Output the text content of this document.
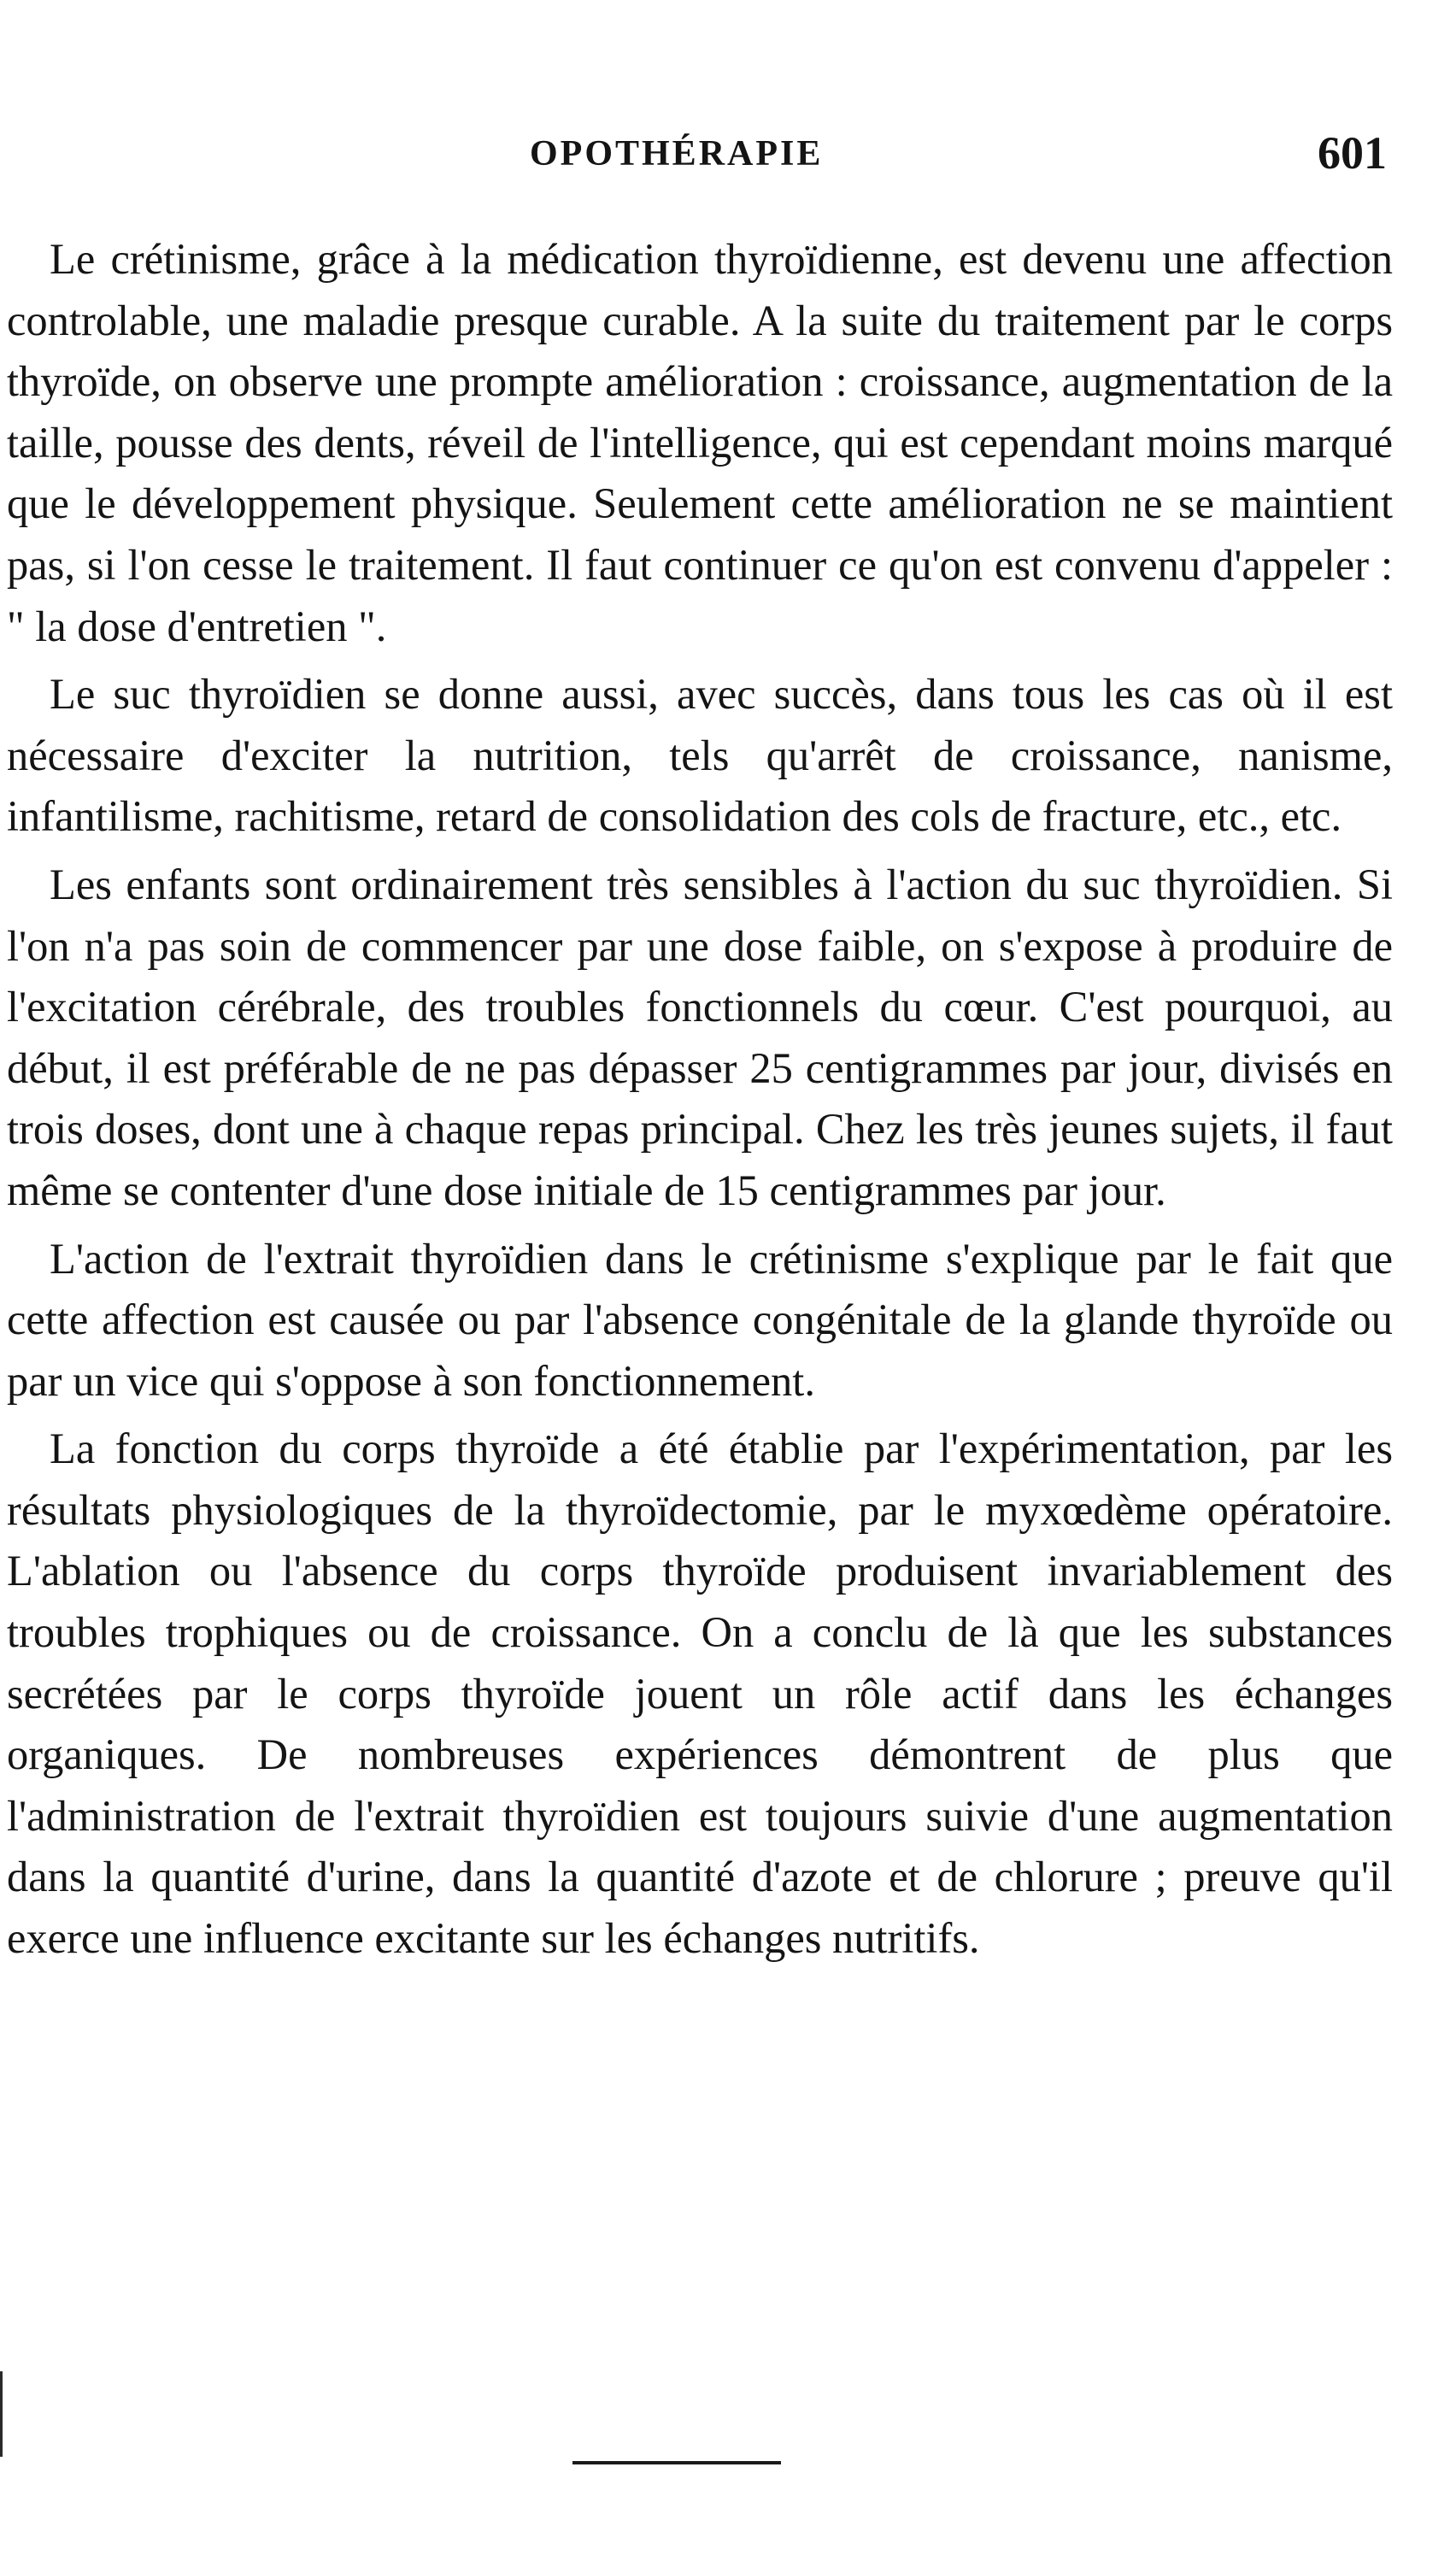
OPOTHÉRAPIE	601

Le crétinisme, grâce à la médication thyroïdienne, est devenu une affection controlable, une maladie presque curable. A la suite du traitement par le corps thyroïde, on observe une prompte amélioration : croissance, augmentation de la taille, pousse des dents, réveil de l'intelligence, qui est cependant moins marqué que le développement physique. Seulement cette amélioration ne se maintient pas, si l'on cesse le traitement. Il faut continuer ce qu'on est convenu d'appeler : " la dose d'entretien ".

Le suc thyroïdien se donne aussi, avec succès, dans tous les cas où il est nécessaire d'exciter la nutrition, tels qu'arrêt de croissance, nanisme, infantilisme, rachitisme, retard de consolidation des cols de fracture, etc., etc.

Les enfants sont ordinairement très sensibles à l'action du suc thyroïdien. Si l'on n'a pas soin de commencer par une dose faible, on s'expose à produire de l'excitation cérébrale, des troubles fonctionnels du cœur. C'est pourquoi, au début, il est préférable de ne pas dépasser 25 centigrammes par jour, divisés en trois doses, dont une à chaque repas principal. Chez les très jeunes sujets, il faut même se contenter d'une dose initiale de 15 centigrammes par jour.

L'action de l'extrait thyroïdien dans le crétinisme s'explique par le fait que cette affection est causée ou par l'absence congénitale de la glande thyroïde ou par un vice qui s'oppose à son fonctionnement.

La fonction du corps thyroïde a été établie par l'expérimentation, par les résultats physiologiques de la thyroïdectomie, par le myxœdème opératoire. L'ablation ou l'absence du corps thyroïde produisent invariablement des troubles trophiques ou de croissance. On a conclu de là que les substances secrétées par le corps thyroïde jouent un rôle actif dans les échanges organiques. De nombreuses expériences démontrent de plus que l'administration de l'extrait thyroïdien est toujours suivie d'une augmentation dans la quantité d'urine, dans la quantité d'azote et de chlorure ; preuve qu'il exerce une influence excitante sur les échanges nutritifs.
